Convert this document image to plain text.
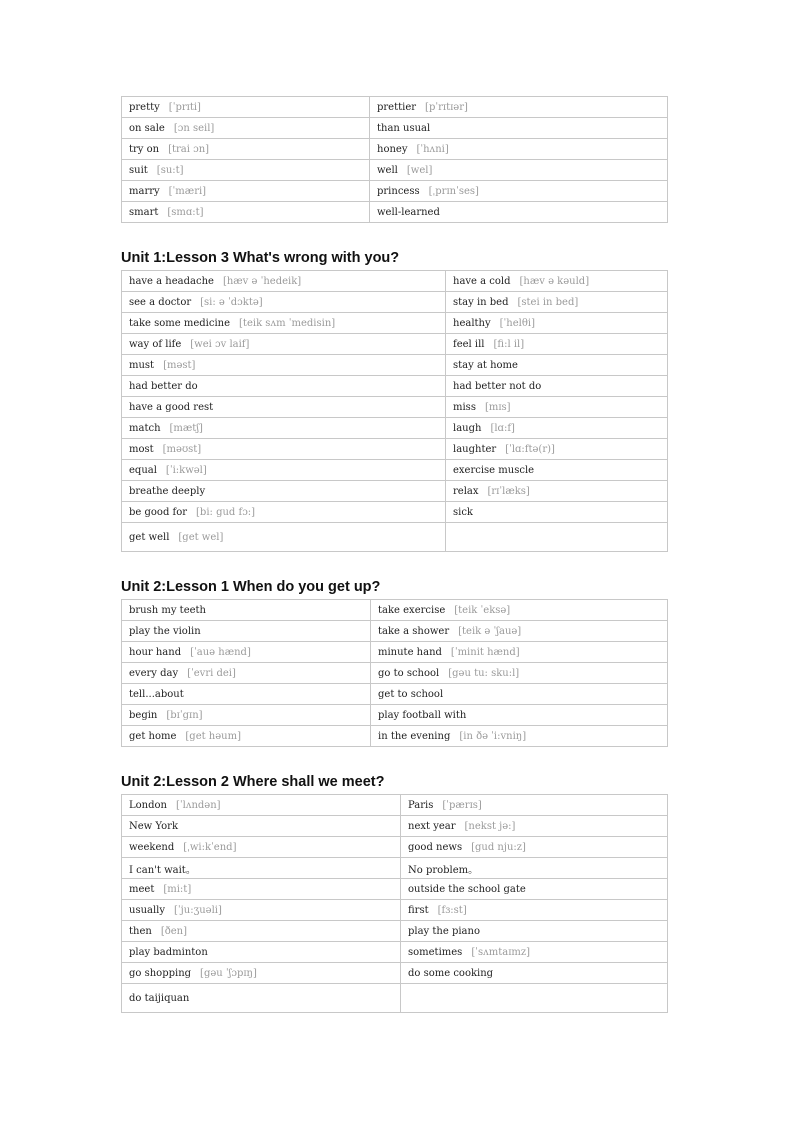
pretty [ˈprɪti]	prettier [pˈrɪtɪər]
on sale [ɔn seil]	than usual
try on [trai ɔn]	honey [ˈhʌni]
suit [su:t]	well [wel]
marry [ˈmæri]	princess [ˌprɪnˈses]
smart [smɑ:t]	well-learned
Unit 1:Lesson 3 What's wrong with you?
have a headache [hæv ə ˈhedeik]	have a cold [hæv ə kəuld]
see a doctor [si: ə ˈdɔktə]	stay in bed [stei in bed]
take some medicine [teik sʌm ˈmedisin]	healthy [ˈhelθi]
way of life [wei ɔv laif]	feel ill [fi:l il]
must [məst]	stay at home
had better do	had better not do
have a good rest	miss [mɪs]
match [mætʃ]	laugh [lɑ:f]
most [məʊst]	laughter [ˈlɑ:ftə(r)]
equal [ˈi:kwəl]	exercise muscle
breathe deeply	relax [rɪˈlæks]
be good for [bi: gud fɔ:]	sick
get well [get wel]	
Unit 2:Lesson 1 When do you get up?
brush my teeth	take exercise [teik ˈeksə]
play the violin	take a shower [teik ə ˈʃauə]
hour hand [ˈauə hænd]	minute hand [ˈminit hænd]
every day [ˈevri dei]	go to school [gəu tu: sku:l]
tell...about	get to school
begin [bɪˈgɪn]	play football with
get home [get həum]	in the evening [in ðə ˈi:vniŋ]
Unit 2:Lesson 2 Where shall we meet?
London [ˈlʌndən]	Paris [ˈpærɪs]
New York	next year [nekst jə:]
weekend [ˌwi:kˈend]	good news [gud nju:z]
I can't wait。	No problem。
meet [mi:t]	outside the school gate
usually [ˈju:ʒuəli]	first [fɜ:st]
then [ðen]	play the piano
play badminton	sometimes [ˈsʌmtaɪmz]
go shopping [gəu ˈʃɔpɪŋ]	do some cooking
do taijiquan	
